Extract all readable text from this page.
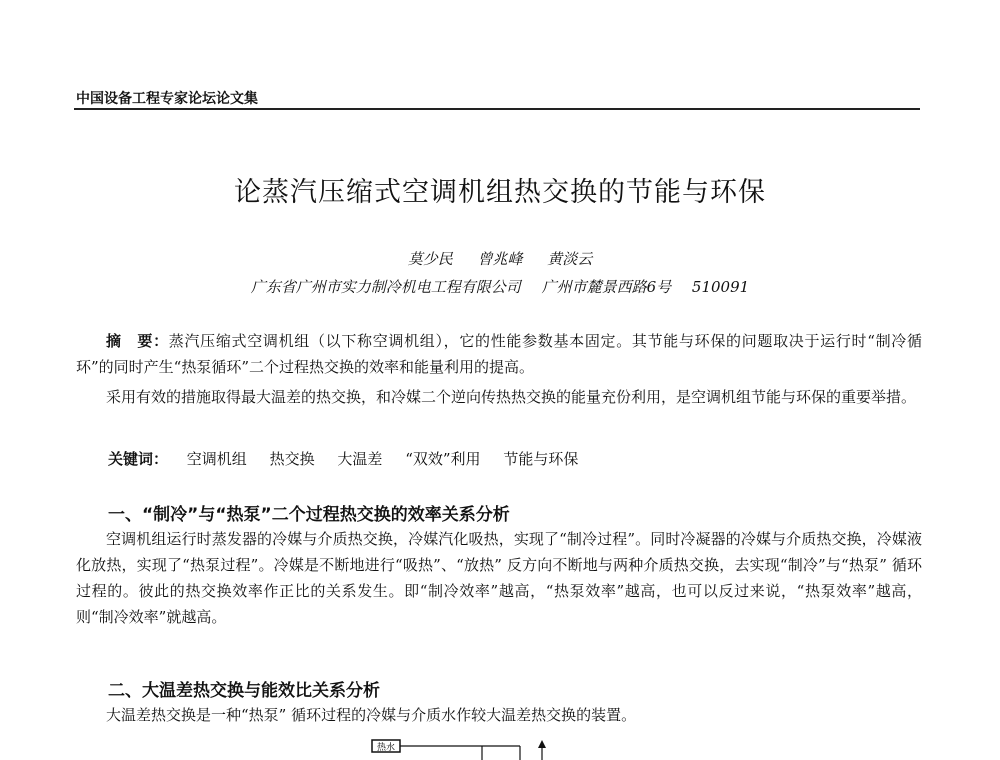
中国设备工程专家论坛论文集
论蒸汽压缩式空调机组热交换的节能与环保
莫少民 曾兆峰 黄淡云
广东省广州市实力制冷机电工程有限公司 广州市麓景西路6号 510091
摘　要：蒸汽压缩式空调机组（以下称空调机组），它的性能参数基本固定。其节能与环保的问题取决于运行时“制冷循环”的同时产生“热泵循环”二个过程热交换的效率和能量利用的提高。
采用有效的措施取得最大温差的热交换，和冷媒二个逆向传热热交换的能量充份利用，是空调机组节能与环保的重要举措。
关键词： 空调机组 热交换 大温差 “双效”利用 节能与环保
一、“制冷”与“热泵”二个过程热交换的效率关系分析
空调机组运行时蒸发器的冷媒与介质热交换，冷媒汽化吸热，实现了“制冷过程”。同时冷凝器的冷媒与介质热交换，冷媒液化放热，实现了“热泵过程”。冷媒是不断地进行“吸热”、“放热” 反方向不断地与两种介质热交换，去实现“制冷”与“热泵” 循环过程的。彼此的热交换效率作正比的关系发生。即“制冷效率”越高，“热泵效率”越高，也可以反过来说，“热泵效率”越高，则“制冷效率”就越高。
二、大温差热交换与能效比关系分析
大温差热交换是一种“热泵” 循环过程的冷媒与介质水作较大温差热交换的装置。
热水
